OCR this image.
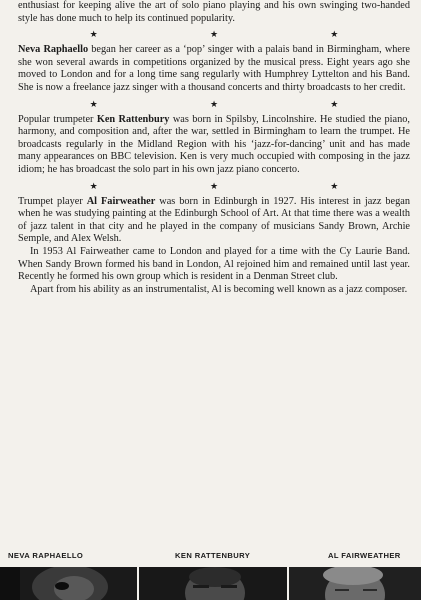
enthusiast for keeping alive the art of solo piano playing and his own swinging two-handed style has done much to help its continued popularity.

★ ★ ★

Neva Raphaello began her career as a ‘pop’ singer with a palais band in Birmingham, where she won several awards in competitions organized by the musical press. Eight years ago she moved to London and for a long time sang regularly with Humphrey Lyttelton and his Band. She is now a freelance jazz singer with a thousand concerts and thirty broadcasts to her credit.

★ ★ ★

Popular trumpeter Ken Rattenbury was born in Spilsby, Lincolnshire. He studied the piano, harmony, and composition and, after the war, settled in Birmingham to learn the trumpet. He broadcasts regularly in the Midland Region with his ‘jazz-for-dancing’ unit and has made many appearances on BBC television. Ken is very much occupied with composing in the jazz idiom; he has broadcast the solo part in his own jazz piano concerto.

★ ★ ★

Trumpet player Al Fairweather was born in Edinburgh in 1927. His interest in jazz began when he was studying painting at the Edinburgh School of Art. At that time there was a wealth of jazz talent in that city and he played in the company of musicians Sandy Brown, Archie Semple, and Alex Welsh.

In 1953 Al Fairweather came to London and played for a time with the Cy Laurie Band. When Sandy Brown formed his band in London, Al rejoined him and remained until last year. Recently he formed his own group which is resident in a Denman Street club.

Apart from his ability as an instrumentalist, Al is becoming well known as a jazz composer.

NEVA RAPHAELLO	KEN RATTENBURY	AL FAIRWEATHER
